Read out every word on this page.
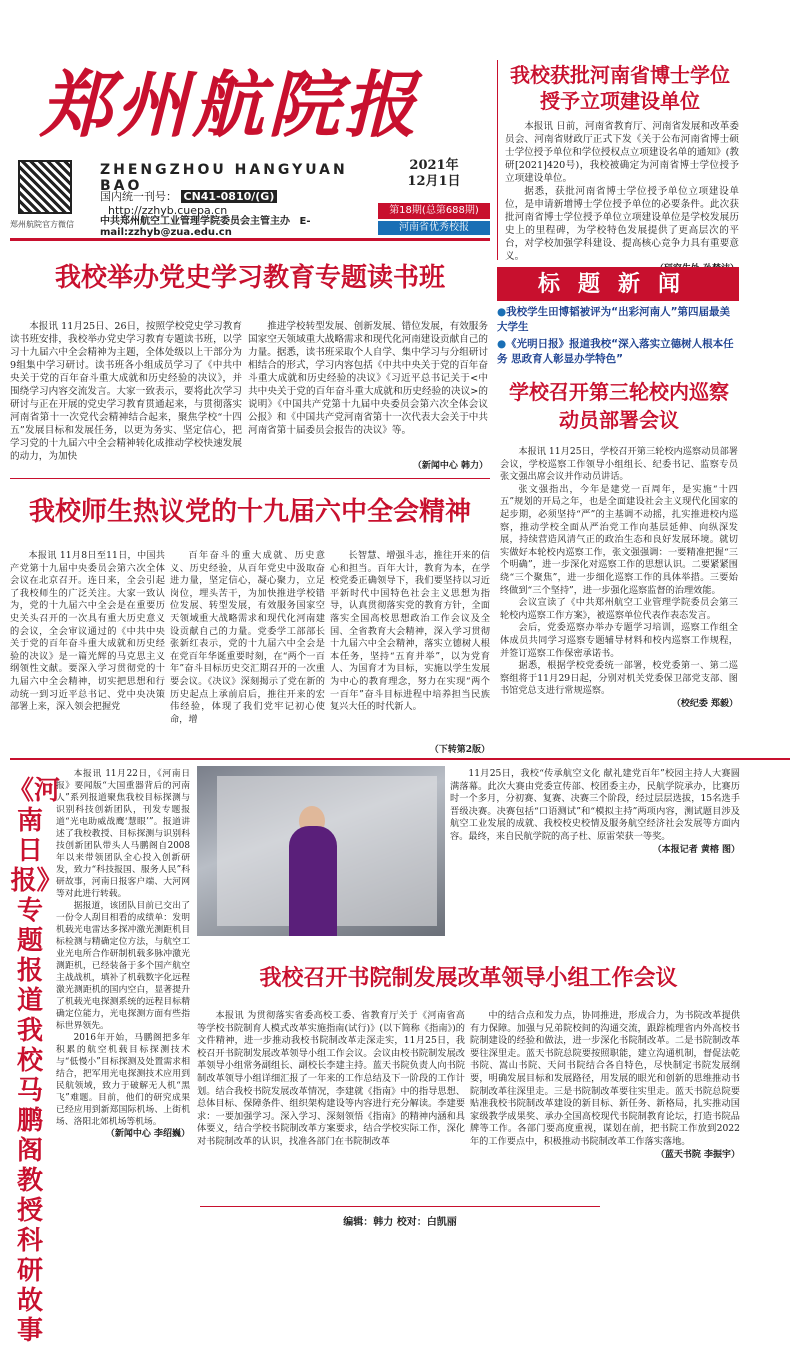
郑州航院报
郑州航院官方微信
ZHENGZHOU HANGYUAN BAO
国内统一刊号： CN41-0810/(G) http://zzhyb.cuepa.cn
中共郑州航空工业管理学院委员会主管主办 E-mail:zzhyb@zua.edu.cn
2021年
12月1日
第18期(总第688期)
河南省优秀校报
我校获批河南省博士学位授予立项建设单位

本报讯 日前，河南省教育厅、河南省发展和改革委员会、河南省财政厅正式下发《关于公布河南省博士硕士学位授予单位和学位授权点立项建设名单的通知》(教研[2021]420号)，我校被确定为河南省博士学位授予立项建设单位。

据悉，获批河南省博士学位授予单位立项建设单位，是申请新增博士学位授予单位的必要条件。此次获批河南省博士学位授予单位立项建设单位是学校发展历史上的里程碑，为学校特色发展提供了更高层次的平台，对学校加强学科建设、提高核心竞争力具有重要意义。

标题新闻
●我校学生田博韬被评为“出彩河南人”第四届最美大学生
●《光明日报》报道我校“深入落实立德树人根本任务 思政育人彰显办学特色”
我校举办党史学习教育专题读书班

本报讯 11月25日、26日，按照学校党史学习教育读书班安排，我校举办党史学习教育专题读书班，以学习十九届六中全会精神为主题，全体处级以上干部分为9组集中学习研讨。读书班各小组成员学习了《中共中央关于党的百年奋斗重大成就和历史经验的决议》，并围绕学习内容交流发言。大家一致表示，要将此次学习研讨与正在开展的党史学习教育贯通起来，与贯彻落实河南省第十一次党代会精神结合起来，聚焦学校“十四五”发展目标和发展任务，以更为务实、坚定信心，把学习党的十九届六中全会精神转化成推动学校快速发展的动力，为加快

推进学校转型发展、创新发展、错位发展，有效服务国家空天领域重大战略需求和现代化河南建设贡献自己的力量。据悉，读书班采取个人自学、集中学习与分组研讨相结合的形式，学习内容包括《中共中央关于党的百年奋斗重大成就和历史经验的决议》《习近平总书记关于<中共中央关于党的百年奋斗重大成就和历史经验的决议>的说明》《中国共产党第十九届中央委员会第六次全体会议公报》和《中国共产党河南省第十一次代表大会关于中共河南省第十届委员会报告的决议》等。

（新闻中心 韩力）
我校师生热议党的十九届六中全会精神

本报讯 11月8日至11日，中国共产党第十九届中央委员会第六次全体会议在北京召开。连日来，全会引起了我校师生的广泛关注。大家一致认为，党的十九届六中全会是在重要历史关头召开的一次具有重大历史意义的会议，全会审议通过的《中共中央关于党的百年奋斗重大成就和历史经验的决议》是一篇光辉的马克思主义纲领性文献。要深入学习贯彻党的十九届六中全会精神，切实把思想和行动统一到习近平总书记、党中央决策部署上来，深入领会把握党

百年奋斗的重大成就、历史意义、历史经验，从百年党史中汲取奋进力量，坚定信心，凝心聚力，立足岗位，埋头苦干，为加快推进学校错位发展、转型发展，有效服务国家空天领域重大战略需求和现代化河南建设贡献自己的力量。党委学工部部长张新红表示，党的十九届六中全会是在党百年华诞重要时刻，在“两个一百年”奋斗目标历史交汇期召开的一次重要会议。《决议》深刻揭示了党在新的历史起点上承前启后，推往开来的宏伟经验，体现了我们党牢记初心使命，增

长智慧、增强斗志，推往开来的信心和担当。百年大计，教育为本，在学校党委正确领导下，我们要坚持以习近平新时代中国特色社会主义思想为指导，认真贯彻落实党的教育方针，全面落实全国高校思想政治工作会议及全国、全省教育大会精神，深入学习贯彻十九届六中全会精神，落实立德树人根本任务，坚持“五育并举”，以为党育人、为国育才为目标，实施以学生发展为中心的教育理念，努力在实现“两个一百年”奋斗目标进程中培养担当民族复兴大任的时代新人。

（下转第2版）
学校召开第三轮校内巡察动员部署会议

本报讯 11月25日，学校召开第三轮校内巡察动员部署会议，学校巡察工作领导小组组长、纪委书记、监察专员张文强出席会议并作动员讲话。

张文强指出，今年是建党一百周年，是实施“十四五”规划的开局之年，也是全面建设社会主义现代化国家的起步期，必须坚持“严”的主基调不动摇，扎实推进校内巡察，推动学校全面从严治党工作向基层延伸、向纵深发展，持续营造风清气正的政治生态和良好发展环境。就切实做好本轮校内巡察工作，张文强强调：一要精准把握“三个明确”，进一步深化对巡察工作的思想认识。二要紧紧围绕“三个聚焦”，进一步细化巡察工作的具体举措。三要始终做到“三个坚持”，进一步强化巡察监督的治理效能。

会议宣读了《中共郑州航空工业管理学院委员会第三轮校内巡察工作方案》，被巡察单位代表作表态发言。

会后，党委巡察办举办专题学习培训，巡察工作组全体成员共同学习巡察专题辅导材料和校内巡察工作规程，并签订巡察工作保密承诺书。

据悉，根据学校党委统一部署，校党委第一、第二巡察组将于11月29日起，分别对机关党委保卫部党支部、图书馆党总支进行常规巡察。

（校纪委 郑毅）
《河南日报》专题报道我校马鹏阁教授科研故事

本报讯 11月22日，《河南日报》要闻版“大国重器背后的河南人”系列报道聚焦我校目标探测与识别科技创新团队，刊发专题报道“光电助威战鹰‘慧眼’”。报道讲述了我校教授、目标探测与识别科技创新团队带头人马鹏阁自2008年以来带领团队全心投入创新研发，致力“科技报国、服务人民”科研故事，河南日报客户端、大河网等对此进行转载。

据报道，该团队目前已交出了一份令人刮目相看的成绩单：发明机载光电雷达多探冲激光测距机目标检测与精确定位方法，与航空工业光电所合作研制机载多脉冲激光测距机，已经装备于多个国产航空主战战机，填补了机载数字化远程激光测距机的国内空白，显著提升了机载光电探测系统的远程目标精确定位能力，光电探测方面有些指标世界领先。

2016年开始，马鹏阁把多年积累的航空机载目标探测技术与“低慢小”目标探测及处置需求相结合，把军用光电探测技术应用到民航领域，致力于破解无人机“黑飞”难题。目前，他们的研究成果已经应用到新郑国际机场、上街机场、洛阳北郊机场等机场。

（新闻中心 李绍巍）

11月25日，我校“传承航空文化 献礼建党百年”校园主持人大赛圆满落幕。此次大赛由党委宣传部、校团委主办，民航学院承办，比赛历时一个多月，分初赛、复赛、决赛三个阶段，经过层层选拔，15名选手晋级决赛。决赛包括“口语测试”和“模拟主持”两项内容，测试题目涉及航空工业发展的成就、我校校史校情及服务航空经济社会发展等方面内容。最终，来自民航学院的高子杜、原雷荣获一等奖。

（本报记者 黄榕 图）
我校召开书院制发展改革领导小组工作会议

本报讯 为贯彻落实省委高校工委、省教育厅关于《河南省高等学校书院制育人模式改革实施指南(试行)》(以下简称《指南》)的文件精神，进一步推动我校书院制改革走深走实，11月25日，我校召开书院制发展改革领导小组工作会议。会议由校书院制发展改革领导小组常务副组长、副校长李建主持。蓝天书院负责人向书院制改革领导小组详细汇报了一年来的工作总结及下一阶段的工作计划。结合我校书院发展改革情况，李建就《指南》中的指导思想、总体目标、保障条件、组织架构建设等内容进行充分解读。李建要求：一要加强学习。深入学习、深刻领悟《指南》的精神内涵和具体要义，结合学校书院制改革方案要求，结合学校实际工作，深化对书院制改革的认识，找准各部门在书院制改革

中的结合点和发力点，协同推进，形成合力，为书院改革提供有力保障。加强与兄弟院校间的沟通交流，跟踪梳理省内外高校书院制建设的经验和做法，进一步深化书院制改革。二是书院制改革要往深里走。蓝天书院总院要按照职能，建立沟通机制，督促法乾书院、嵩山书院、天问书院结合各自特色，尽快制定书院发展纲要，明确发展目标和发展路径，用发展的眼光和创新的思维推动书院制改革往深里走。三是书院制改革要往实里走。蓝天书院总院要贴准我校书院制改革建设的新目标、新任务、新格局，扎实推动国家级教学成果奖、承办全国高校现代书院制教育论坛，打造书院品牌等工作。各部门要高度重视，谋划在前，把书院工作放到2022年的工作要点中，积极推动书院制改革工作落实落地。

（蓝天书院 李振宇）
编辑：韩力 校对：白凯丽
